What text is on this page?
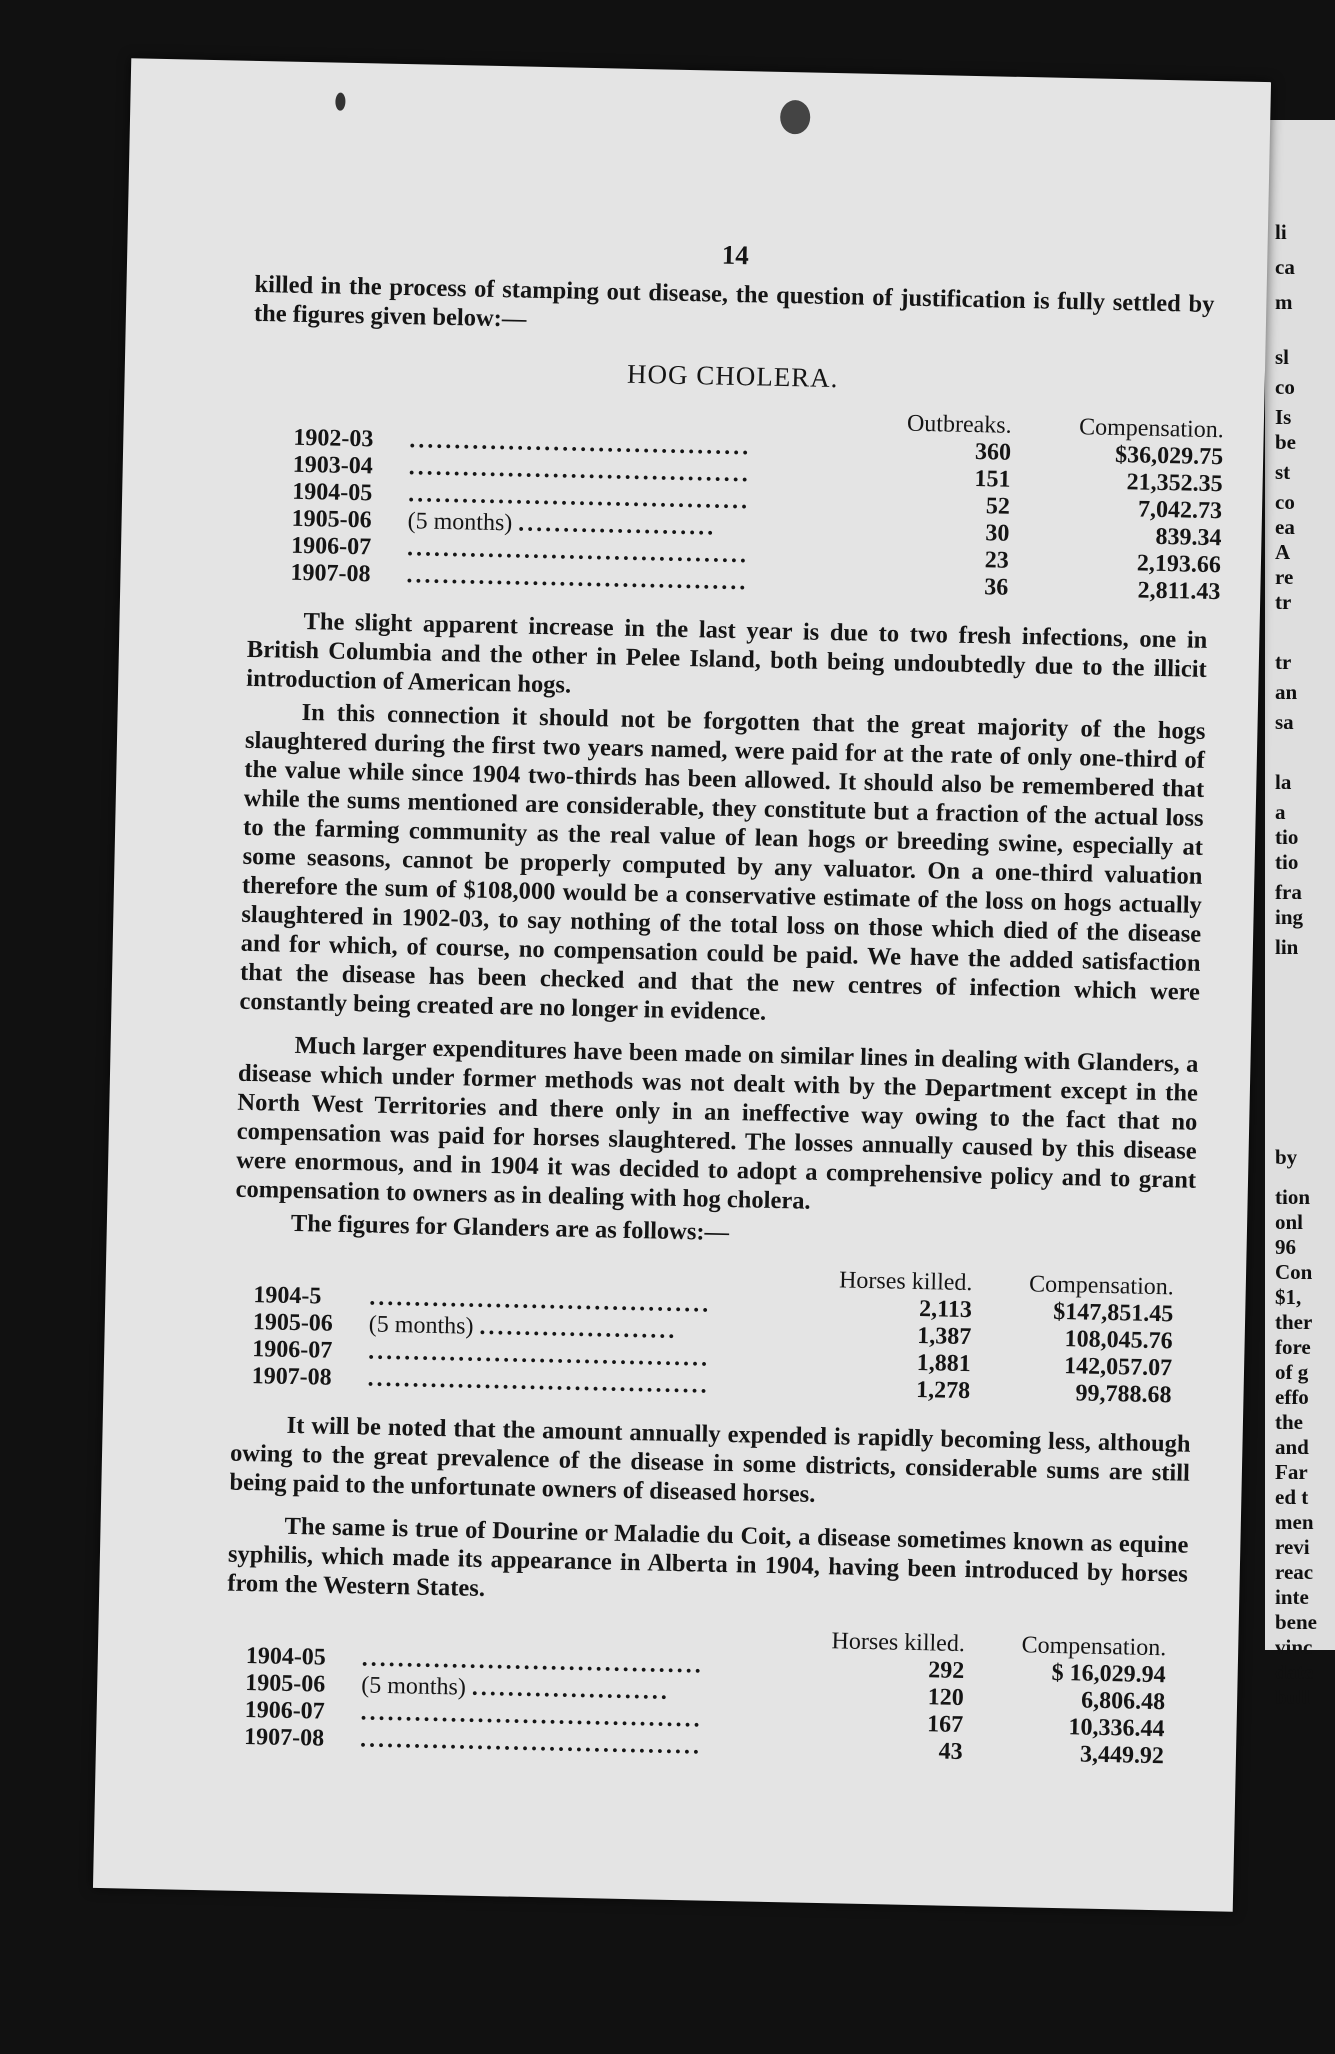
li
ca
m
sl
co
Is
be
st
co
ea
A
re
tr
tr
an
sa
la
a
tio
tio
fra
ing
lin
by
tion
onl
96
Con
$1,
ther
fore
of g
effo
the
and
Far
ed t
men
revi
reac
inte
bene
vinc
date
bull
14

killed in the process of stamping out disease, the question of justification is fully settled by the figures given below:—

HOG CHOLERA.
		Outbreaks.	Compensation.
1902-03	......................................	360	$36,029.75
1903-04	......................................	151	21,352.35
1904-05	......................................	52	7,042.73
1905-06	(5 months) ......................	30	839.34
1906-07	......................................	23	2,193.66
1907-08	......................................	36	2,811.43

The slight apparent increase in the last year is due to two fresh infections, one in British Columbia and the other in Pelee Island, both being undoubtedly due to the illicit introduction of American hogs.

In this connection it should not be forgotten that the great majority of the hogs slaughtered during the first two years named, were paid for at the rate of only one-third of the value while since 1904 two-thirds has been allowed. It should also be remembered that while the sums mentioned are considerable, they constitute but a fraction of the actual loss to the farming community as the real value of lean hogs or breeding swine, especially at some seasons, cannot be properly computed by any valuator. On a one-third valuation therefore the sum of $108,000 would be a conservative estimate of the loss on hogs actually slaughtered in 1902-03, to say nothing of the total loss on those which died of the disease and for which, of course, no compensation could be paid. We have the added satisfaction that the disease has been checked and that the new centres of infection which were constantly being created are no longer in evidence.

Much larger expenditures have been made on similar lines in dealing with Glanders, a disease which under former methods was not dealt with by the Department except in the North West Territories and there only in an ineffective way owing to the fact that no compensation was paid for horses slaughtered. The losses annually caused by this disease were enormous, and in 1904 it was decided to adopt a comprehensive policy and to grant compensation to owners as in dealing with hog cholera.

The figures for Glanders are as follows:—

		Horses killed.	Compensation.
1904-5	......................................	2,113	$147,851.45
1905-06	(5 months) ......................	1,387	108,045.76
1906-07	......................................	1,881	142,057.07
1907-08	......................................	1,278	99,788.68

It will be noted that the amount annually expended is rapidly becoming less, although owing to the great prevalence of the disease in some districts, considerable sums are still being paid to the unfortunate owners of diseased horses.

The same is true of Dourine or Maladie du Coit, a disease sometimes known as equine syphilis, which made its appearance in Alberta in 1904, having been introduced by horses from the Western States.

		Horses killed.	Compensation.
1904-05	......................................	292	$ 16,029.94
1905-06	(5 months) ......................	120	6,806.48
1906-07	......................................	167	10,336.44
1907-08	......................................	43	3,449.92
